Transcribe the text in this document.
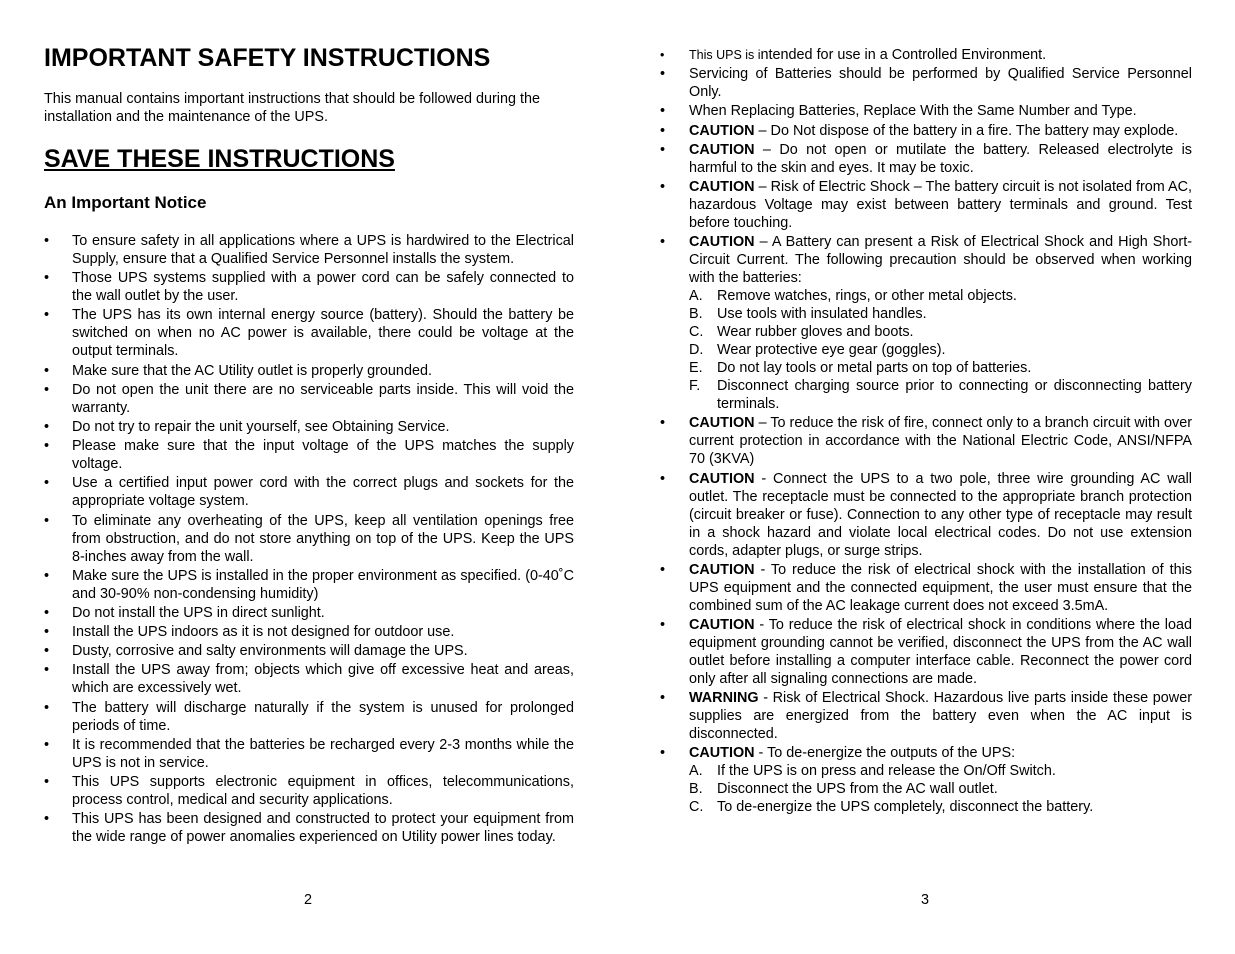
IMPORTANT SAFETY INSTRUCTIONS

This manual contains important instructions that should be followed during the installation and the maintenance of the UPS.

SAVE THESE INSTRUCTIONS
An Important Notice
• To ensure safety in all applications where a UPS is hardwired to the Electrical Supply, ensure that a Qualified Service Personnel installs the system.
• Those UPS systems supplied with a power cord can be safely connected to the wall outlet by the user.
• The UPS has its own internal energy source (battery). Should the battery be switched on when no AC power is available, there could be voltage at the output terminals.
• Make sure that the AC Utility outlet is properly grounded.
• Do not open the unit there are no serviceable parts inside. This will void the warranty.
• Do not try to repair the unit yourself, see Obtaining Service.
• Please make sure that the input voltage of the UPS matches the supply voltage.
• Use a certified input power cord with the correct plugs and sockets for the appropriate voltage system.
• To eliminate any overheating of the UPS, keep all ventilation openings free from obstruction, and do not store anything on top of the UPS. Keep the UPS 8-inches away from the wall.
• Make sure the UPS is installed in the proper environment as specified. (0-40˚C and 30-90% non-condensing humidity)
• Do not install the UPS in direct sunlight.
• Install the UPS indoors as it is not designed for outdoor use.
• Dusty, corrosive and salty environments will damage the UPS.
• Install the UPS away from; objects which give off excessive heat and areas, which are excessively wet.
• The battery will discharge naturally if the system is unused for prolonged periods of time.
• It is recommended that the batteries be recharged every 2-3 months while the UPS is not in service.
• This UPS supports electronic equipment in offices, telecommunications, process control, medical and security applications.
• This UPS has been designed and constructed to protect your equipment from the wide range of power anomalies experienced on Utility power lines today.
2
• This UPS is intended for use in a Controlled Environment.
• Servicing of Batteries should be performed by Qualified Service Personnel Only.
• When Replacing Batteries, Replace With the Same Number and Type.
• CAUTION – Do Not dispose of the battery in a fire. The battery may explode.
• CAUTION – Do not open or mutilate the battery. Released electrolyte is harmful to the skin and eyes. It may be toxic.
• CAUTION – Risk of Electric Shock – The battery circuit is not isolated from AC, hazardous Voltage may exist between battery terminals and ground. Test before touching.
• CAUTION – A Battery can present a Risk of Electrical Shock and High Short-Circuit Current. The following precaution should be observed when working with the batteries:
A. Remove watches, rings, or other metal objects.
B. Use tools with insulated handles.
C. Wear rubber gloves and boots.
D. Wear protective eye gear (goggles).
E. Do not lay tools or metal parts on top of batteries.
F. Disconnect charging source prior to connecting or disconnecting battery terminals.
• CAUTION – To reduce the risk of fire, connect only to a branch circuit with over current protection in accordance with the National Electric Code, ANSI/NFPA 70 (3KVA)
• CAUTION - Connect the UPS to a two pole, three wire grounding AC wall outlet. The receptacle must be connected to the appropriate branch protection (circuit breaker or fuse). Connection to any other type of receptacle may result in a shock hazard and violate local electrical codes. Do not use extension cords, adapter plugs, or surge strips.
• CAUTION - To reduce the risk of electrical shock with the installation of this UPS equipment and the connected equipment, the user must ensure that the combined sum of the AC leakage current does not exceed 3.5mA.
• CAUTION - To reduce the risk of electrical shock in conditions where the load equipment grounding cannot be verified, disconnect the UPS from the AC wall outlet before installing a computer interface cable. Reconnect the power cord only after all signaling connections are made.
• WARNING - Risk of Electrical Shock. Hazardous live parts inside these power supplies are energized from the battery even when the AC input is disconnected.
• CAUTION - To de-energize the outputs of the UPS:
A. If the UPS is on press and release the On/Off Switch.
B. Disconnect the UPS from the AC wall outlet.
C. To de-energize the UPS completely, disconnect the battery.
3
